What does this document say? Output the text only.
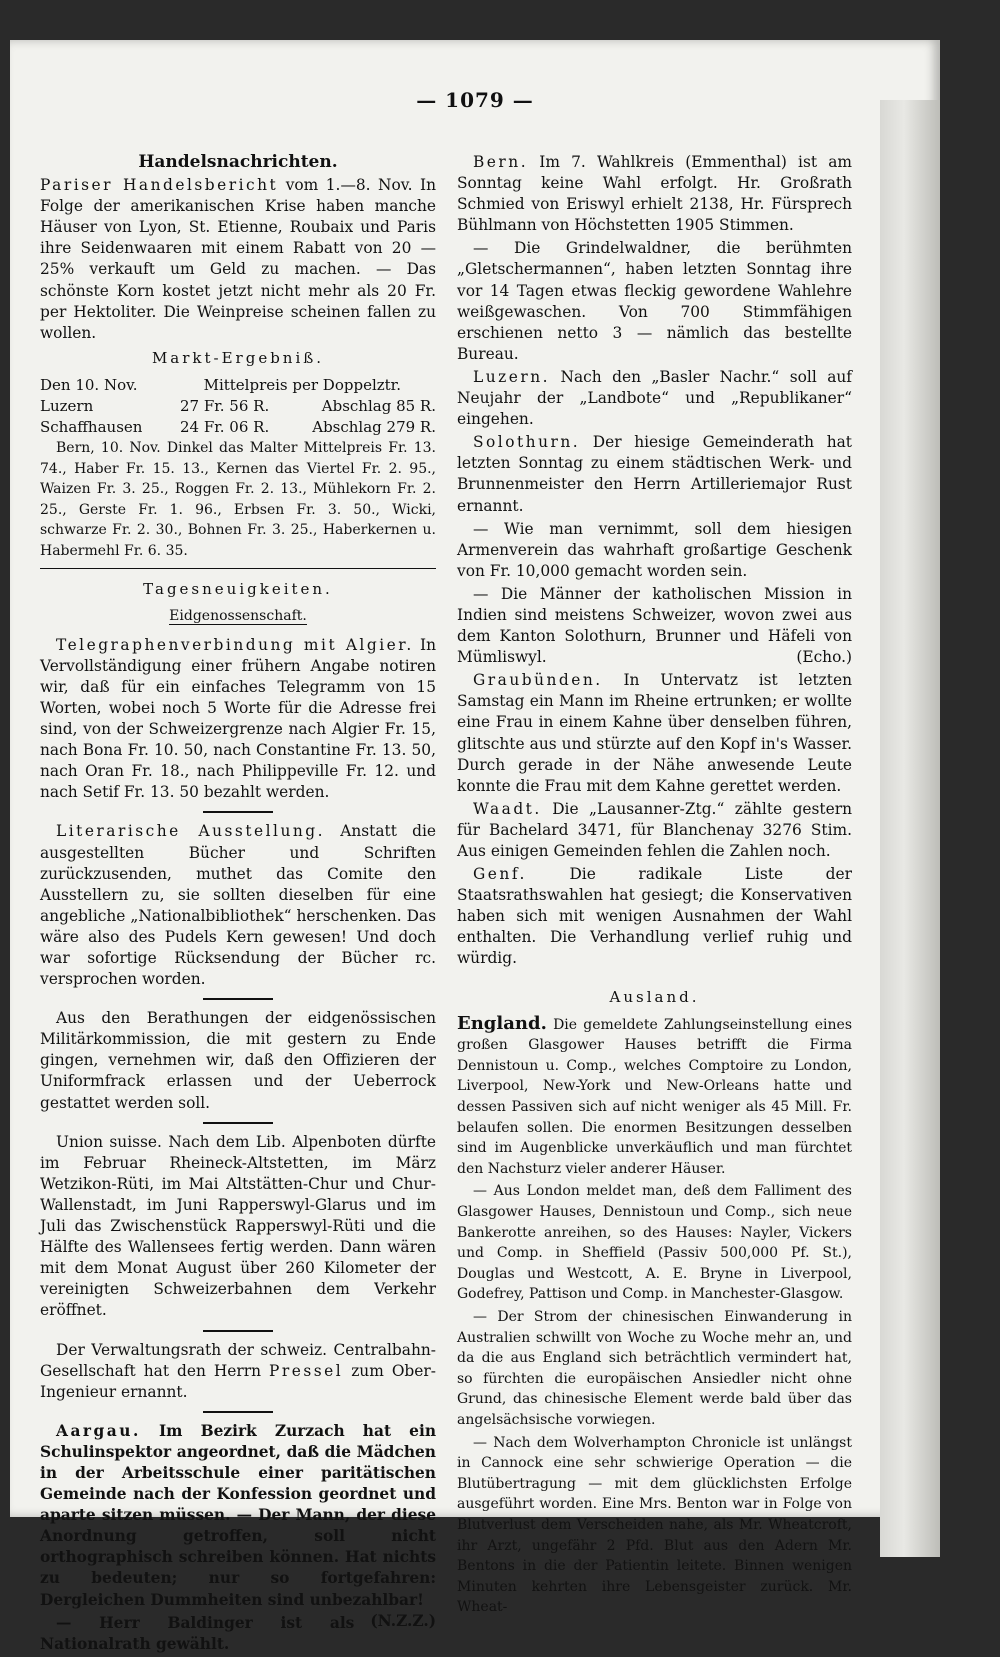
— 1079 —
Handelsnachrichten.

Pariser Handelsbericht vom 1.—8. Nov. In Folge der amerikanischen Krise haben manche Häuser von Lyon, St. Etienne, Roubaix und Paris ihre Seidenwaaren mit einem Rabatt von 20 — 25% verkauft um Geld zu machen. — Das schönste Korn kostet jetzt nicht mehr als 20 Fr. per Hektoliter. Die Weinpreise scheinen fallen zu wollen.

Markt-Ergebniß.
Den 10. Nov.	Mittelpreis per Doppelztr.	
Luzern	27 Fr. 56 R.	Abschlag 85 R.
Schaffhausen	24 Fr. 06 R.	Abschlag 279 R.

Bern, 10. Nov. Dinkel das Malter Mittelpreis Fr. 13. 74., Haber Fr. 15. 13., Kernen das Viertel Fr. 2. 95., Waizen Fr. 3. 25., Roggen Fr. 2. 13., Mühlekorn Fr. 2. 25., Gerste Fr. 1. 96., Erbsen Fr. 3. 50., Wicki, schwarze Fr. 2. 30., Bohnen Fr. 3. 25., Haberkernen u. Habermehl Fr. 6. 35.

Tagesneuigkeiten.
Eidgenossenschaft.

Telegraphenverbindung mit Algier. In Vervollständigung einer frühern Angabe notiren wir, daß für ein einfaches Telegramm von 15 Worten, wobei noch 5 Worte für die Adresse frei sind, von der Schweizergrenze nach Algier Fr. 15, nach Bona Fr. 10. 50, nach Constantine Fr. 13. 50, nach Oran Fr. 18., nach Philippeville Fr. 12. und nach Setif Fr. 13. 50 bezahlt werden.

Literarische Ausstellung. Anstatt die ausgestellten Bücher und Schriften zurückzusenden, muthet das Comite den Ausstellern zu, sie sollten dieselben für eine angebliche „Nationalbibliothek“ herschenken. Das wäre also des Pudels Kern gewesen! Und doch war sofortige Rücksendung der Bücher rc. versprochen worden.

Aus den Berathungen der eidgenössischen Militärkommission, die mit gestern zu Ende gingen, vernehmen wir, daß den Offizieren der Uniformfrack erlassen und der Ueberrock gestattet werden soll.

Union suisse. Nach dem Lib. Alpenboten dürfte im Februar Rheineck-Altstetten, im März Wetzikon-Rüti, im Mai Altstätten-Chur und Chur-Wallenstadt, im Juni Rapperswyl-Glarus und im Juli das Zwischenstück Rapperswyl-Rüti und die Hälfte des Wallensees fertig werden. Dann wären mit dem Monat August über 260 Kilometer der vereinigten Schweizerbahnen dem Verkehr eröffnet.

Der Verwaltungsrath der schweiz. Centralbahn-Gesellschaft hat den Herrn Pressel zum Ober-Ingenieur ernannt.

Aargau. Im Bezirk Zurzach hat ein Schulinspektor angeordnet, daß die Mädchen in der Arbeitsschule einer paritätischen Gemeinde nach der Konfession geordnet und aparte sitzen müssen. — Der Mann, der diese Anordnung getroffen, soll nicht orthographisch schreiben können. Hat nichts zu bedeuten; nur so fortgefahren: Dergleichen Dummheiten sind unbezahlbar!
(N.Z.Z.)

— Herr Baldinger ist als Nationalrath gewählt.

Bern. Im 7. Wahlkreis (Emmenthal) ist am Sonntag keine Wahl erfolgt. Hr. Großrath Schmied von Eriswyl erhielt 2138, Hr. Fürsprech Bühlmann von Höchstetten 1905 Stimmen.

— Die Grindelwaldner, die berühmten „Gletschermannen“, haben letzten Sonntag ihre vor 14 Tagen etwas fleckig gewordene Wahlehre weißgewaschen. Von 700 Stimmfähigen erschienen netto 3 — nämlich das bestellte Bureau.

Luzern. Nach den „Basler Nachr.“ soll auf Neujahr der „Landbote“ und „Republikaner“ eingehen.

Solothurn. Der hiesige Gemeinderath hat letzten Sonntag zu einem städtischen Werk- und Brunnenmeister den Herrn Artilleriemajor Rust ernannt.

— Wie man vernimmt, soll dem hiesigen Armenverein das wahrhaft großartige Geschenk von Fr. 10,000 gemacht worden sein.

— Die Männer der katholischen Mission in Indien sind meistens Schweizer, wovon zwei aus dem Kanton Solothurn, Brunner und Häfeli von Mümliswyl.	(Echo.)

Graubünden. In Untervatz ist letzten Samstag ein Mann im Rheine ertrunken; er wollte eine Frau in einem Kahne über denselben führen, glitschte aus und stürzte auf den Kopf in's Wasser. Durch gerade in der Nähe anwesende Leute konnte die Frau mit dem Kahne gerettet werden.

Waadt. Die „Lausanner-Ztg.“ zählte gestern für Bachelard 3471, für Blanchenay 3276 Stim. Aus einigen Gemeinden fehlen die Zahlen noch.

Genf.	Die radikale Liste der Staatsrathswahlen hat gesiegt; die Konservativen haben sich mit wenigen Ausnahmen der Wahl enthalten. Die Verhandlung verlief ruhig und würdig.

Ausland.

England. Die gemeldete Zahlungseinstellung eines großen Glasgower Hauses betrifft die Firma Dennistoun u. Comp., welches Comptoire zu London, Liverpool, New-York und New-Orleans hatte und dessen Passiven sich auf nicht weniger als 45 Mill. Fr. belaufen sollen. Die enormen Besitzungen desselben sind im Augenblicke unverkäuflich und man fürchtet den Nachsturz vieler anderer Häuser.

— Aus London meldet man, deß dem Falliment des Glasgower Hauses, Dennistoun und Comp., sich neue Bankerotte anreihen, so des Hauses: Nayler, Vickers und Comp. in Sheffield (Passiv 500,000 Pf. St.), Douglas und Westcott, A. E. Bryne in Liverpool, Godefrey, Pattison und Comp. in Manchester-Glasgow.

— Der Strom der chinesischen Einwanderung in Australien schwillt von Woche zu Woche mehr an, und da die aus England sich beträchtlich vermindert hat, so fürchten die europäischen Ansiedler nicht ohne Grund, das chinesische Element werde bald über das angelsächsische vorwiegen.

— Nach dem Wolverhampton Chronicle ist unlängst in Cannock eine sehr schwierige Operation — die Blutübertragung — mit dem glücklichsten Erfolge ausgeführt worden. Eine Mrs. Benton war in Folge von Blutverlust dem Verscheiden nahe, als Mr. Wheatcroft, ihr Arzt, ungefähr 2 Pfd. Blut aus den Adern Mr. Bentons in die der Patientin leitete. Binnen wenigen Minuten kehrten ihre Lebensgeister zurück. Mr. Wheat-
